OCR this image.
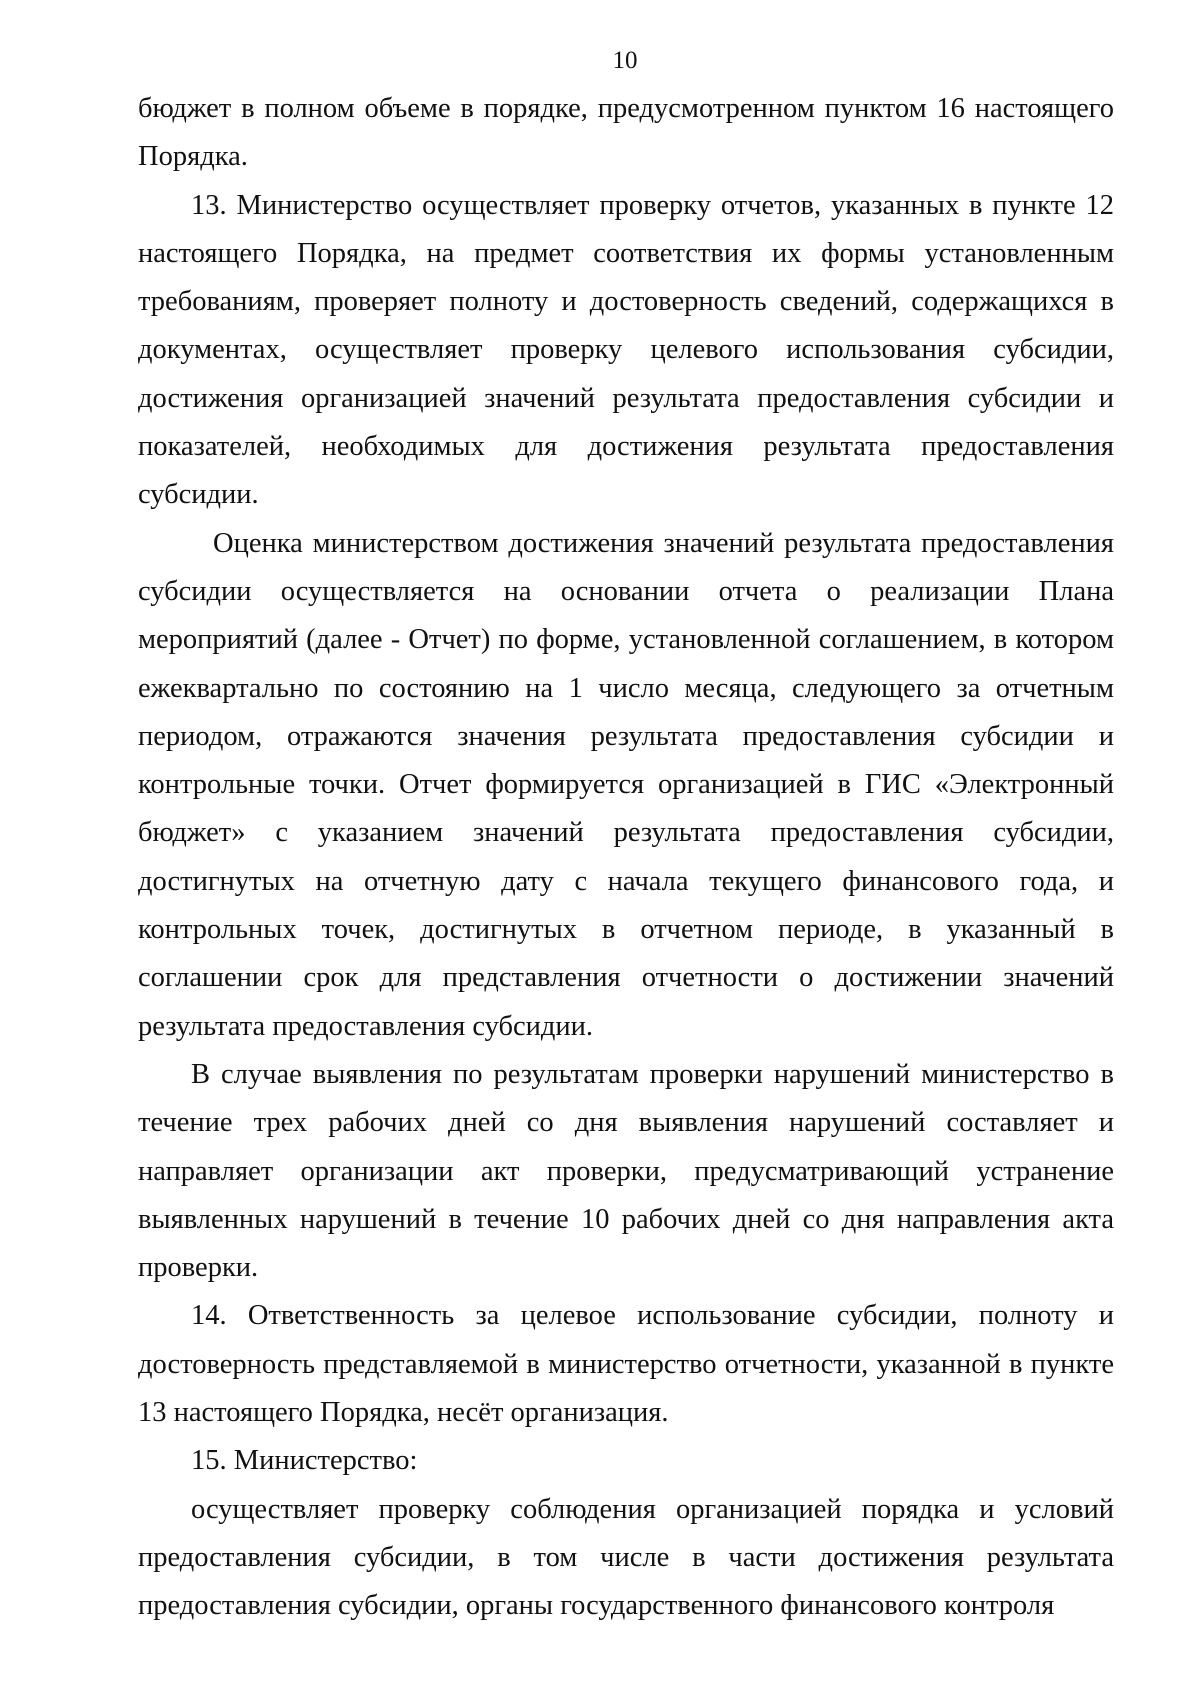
10

бюджет в полном объеме в порядке, предусмотренном пунктом 16 настоящего Порядка.

13. Министерство осуществляет проверку отчетов, указанных в пункте 12 настоящего Порядка, на предмет соответствия их формы установленным требованиям, проверяет полноту и достоверность сведений, содержащихся в документах, осуществляет проверку целевого использования субсидии, достижения организацией значений результата предоставления субсидии и показателей, необходимых для достижения результата предоставления субсидии.

Оценка министерством достижения значений результата предоставления субсидии осуществляется на основании отчета о реализации Плана мероприятий (далее - Отчет) по форме, установленной соглашением, в котором ежеквартально по состоянию на 1 число месяца, следующего за отчетным периодом, отражаются значения результата предоставления субсидии и контрольные точки. Отчет формируется организацией в ГИС «Электронный бюджет» с указанием значений результата предоставления субсидии, достигнутых на отчетную дату с начала текущего финансового года, и контрольных точек, достигнутых в отчетном периоде, в указанный в соглашении срок для представления отчетности о достижении значений результата предоставления субсидии.

В случае выявления по результатам проверки нарушений министерство в течение трех рабочих дней со дня выявления нарушений составляет и направляет организации акт проверки, предусматривающий устранение выявленных нарушений в течение 10 рабочих дней со дня направления акта проверки.

14. Ответственность за целевое использование субсидии, полноту и достоверность представляемой в министерство отчетности, указанной в пункте 13 настоящего Порядка, несёт организация.

15. Министерство:

осуществляет проверку соблюдения организацией порядка и условий предоставления субсидии, в том числе в части достижения результата предоставления субсидии, органы государственного финансового контроля
